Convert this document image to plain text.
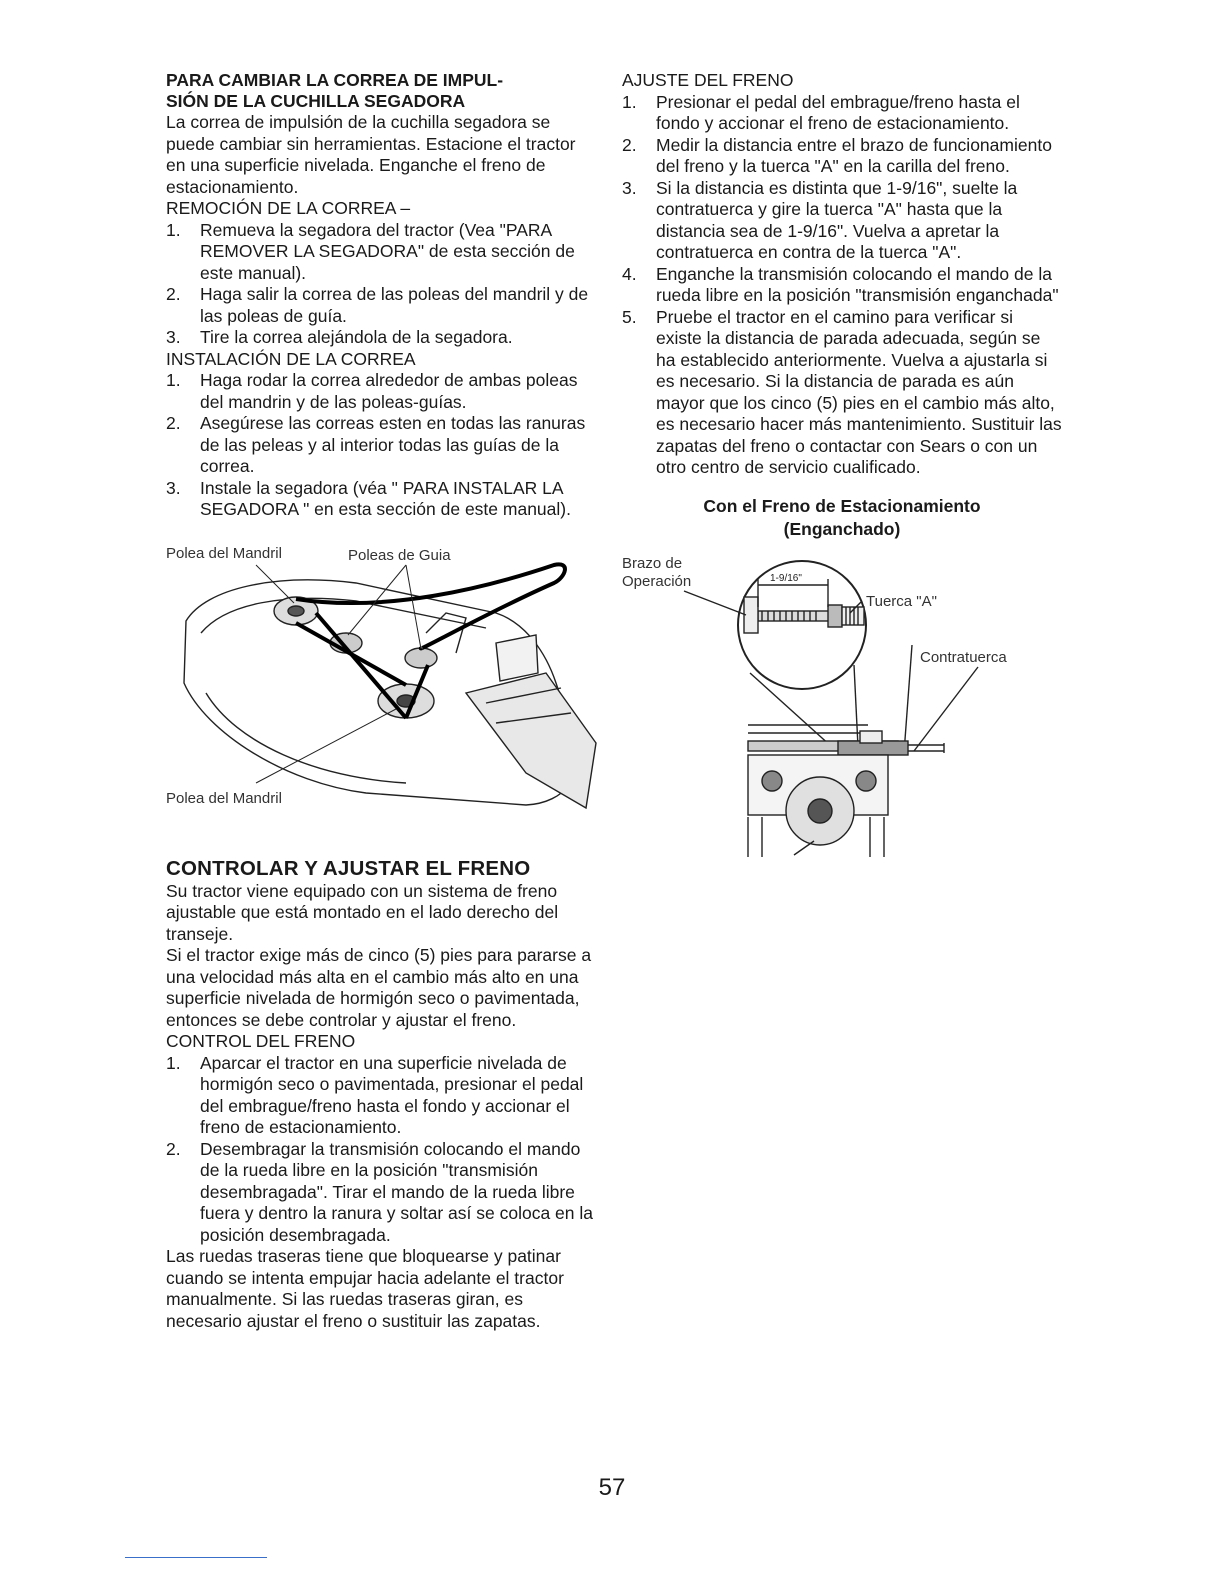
PARA CAMBIAR LA CORREA DE IMPUL-

SIÓN DE LA CUCHILLA SEGADORA

La correa de impulsión de la cuchilla segadora se puede cambiar sin herramientas. Estacione el tractor en una superficie nivelada. Enganche el freno de estacionamiento.

REMOCIÓN DE LA CORREA –

1. Remueva la segadora del tractor (Vea "PARA REMOVER LA SEGADORA" de esta sección de este manual).
2. Haga salir la correa de las poleas del mandril y de las poleas de guía.
3. Tire la correa alejándola de la segadora.

INSTALACIÓN DE LA CORREA

1. Haga rodar la correa alrededor de ambas poleas del mandrin y de las poleas-guías.
2. Asegúrese las correas esten en todas las ranuras de las peleas y al interior todas las guías de la correa.
3. Instale la segadora (véa " PARA INSTALAR LA SEGADORA " en esta sección de este manual).
Polea del Mandril	Poleas de Guia
Polea del Mandril

CONTROLAR Y AJUSTAR EL FRENO

Su tractor viene equipado con un sistema de freno ajustable que está montado en el lado derecho del transeje.

Si el tractor exige más de cinco (5) pies para pararse a una velocidad más alta en el cambio más alto en una superficie nivelada de hormigón seco o pavimentada, entonces se debe controlar y ajustar el freno.

CONTROL DEL FRENO

1. Aparcar el tractor en una superficie nivelada de hormigón seco o pavimentada, presionar el pedal del embrague/freno hasta el fondo y accionar el freno de estacionamiento.
2. Desembragar la transmisión colocando el mando de la rueda libre en la posición "transmisión desembragada". Tirar el mando de la rueda libre fuera y dentro la ranura y soltar así se coloca en la posición desembragada.

Las ruedas traseras tiene que bloquearse y patinar cuando se intenta empujar hacia adelante el tractor manualmente. Si las ruedas traseras giran, es necesario ajustar el freno o sustituir las zapatas.

AJUSTE DEL FRENO

1. Presionar el pedal del embrague/freno hasta el fondo y accionar el freno de estacionamiento.
2. Medir la distancia entre el brazo de funcionamiento del freno y la tuerca "A" en la carilla del freno.
3. Si la distancia es distinta que 1-9/16", suelte la contratuerca y gire la tuerca "A" hasta que la distancia sea de 1-9/16". Vuelva a apretar la contratuerca en contra de la tuerca "A".
4. Enganche la transmisión colocando el mando de la rueda libre en la posición "transmisión enganchada"
5. Pruebe el tractor en el camino para verificar si existe la distancia de parada adecuada, según se ha establecido anteriormente. Vuelva a ajustarla si es necesario. Si la distancia de parada es aún mayor que los cinco (5) pies en el cambio más alto, es necesario hacer más mantenimiento. Sustituir las zapatas del freno o contactar con Sears o con un otro centro de servicio cualificado.

Con el Freno de Estacionamiento

(Enganchado)

Brazo de
Operación
Tuerca "A"
Contratuerca
1-9/16"
57
